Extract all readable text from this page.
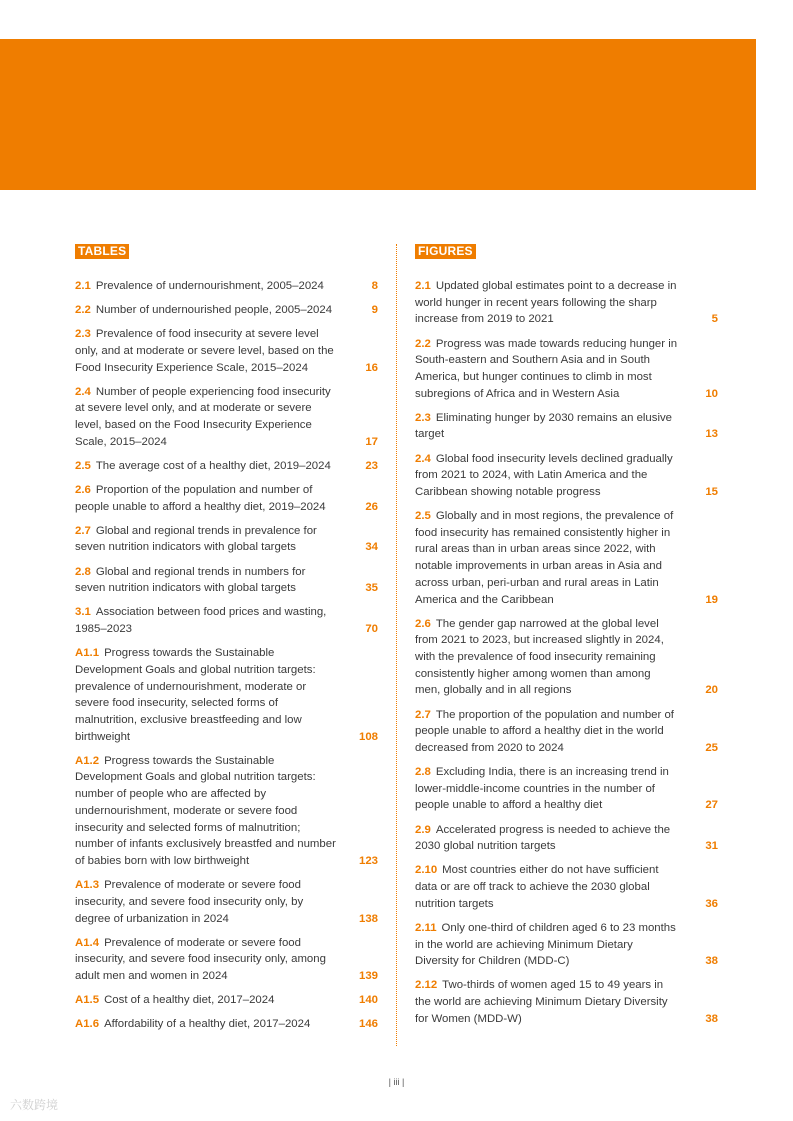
TABLES
2.1 Prevalence of undernourishment, 2005–2024	8
2.2 Number of undernourished people, 2005–2024	9
2.3 Prevalence of food insecurity at severe level only, and at moderate or severe level, based on the Food Insecurity Experience Scale, 2015–2024	16
2.4 Number of people experiencing food insecurity at severe level only, and at moderate or severe level, based on the Food Insecurity Experience Scale, 2015–2024	17
2.5 The average cost of a healthy diet, 2019–2024	23
2.6 Proportion of the population and number of people unable to afford a healthy diet, 2019–2024	26
2.7 Global and regional trends in prevalence for seven nutrition indicators with global targets	34
2.8 Global and regional trends in numbers for seven nutrition indicators with global targets	35
3.1 Association between food prices and wasting, 1985–2023	70
A1.1 Progress towards the Sustainable Development Goals and global nutrition targets: prevalence of undernourishment, moderate or severe food insecurity, selected forms of malnutrition, exclusive breastfeeding and low birthweight	108
A1.2 Progress towards the Sustainable Development Goals and global nutrition targets: number of people who are affected by undernourishment, moderate or severe food insecurity and selected forms of malnutrition; number of infants exclusively breastfed and number of babies born with low birthweight	123
A1.3 Prevalence of moderate or severe food insecurity, and severe food insecurity only, by degree of urbanization in 2024	138
A1.4 Prevalence of moderate or severe food insecurity, and severe food insecurity only, among adult men and women in 2024	139
A1.5 Cost of a healthy diet, 2017–2024	140
A1.6 Affordability of a healthy diet, 2017–2024	146
FIGURES
2.1 Updated global estimates point to a decrease in world hunger in recent years following the sharp increase from 2019 to 2021	5
2.2 Progress was made towards reducing hunger in South-eastern and Southern Asia and in South America, but hunger continues to climb in most subregions of Africa and in Western Asia	10
2.3 Eliminating hunger by 2030 remains an elusive target	13
2.4 Global food insecurity levels declined gradually from 2021 to 2024, with Latin America and the Caribbean showing notable progress	15
2.5 Globally and in most regions, the prevalence of food insecurity has remained consistently higher in rural areas than in urban areas since 2022, with notable improvements in urban areas in Asia and across urban, peri-urban and rural areas in Latin America and the Caribbean	19
2.6 The gender gap narrowed at the global level from 2021 to 2023, but increased slightly in 2024, with the prevalence of food insecurity remaining consistently higher among women than among men, globally and in all regions	20
2.7 The proportion of the population and number of people unable to afford a healthy diet in the world decreased from 2020 to 2024	25
2.8 Excluding India, there is an increasing trend in lower-middle-income countries in the number of people unable to afford a healthy diet	27
2.9 Accelerated progress is needed to achieve the 2030 global nutrition targets	31
2.10 Most countries either do not have sufficient data or are off track to achieve the 2030 global nutrition targets	36
2.11 Only one-third of children aged 6 to 23 months in the world are achieving Minimum Dietary Diversity for Children (MDD-C)	38
2.12 Two-thirds of women aged 15 to 49 years in the world are achieving Minimum Dietary Diversity for Women (MDD-W)	38
| iii |
六数跨境
